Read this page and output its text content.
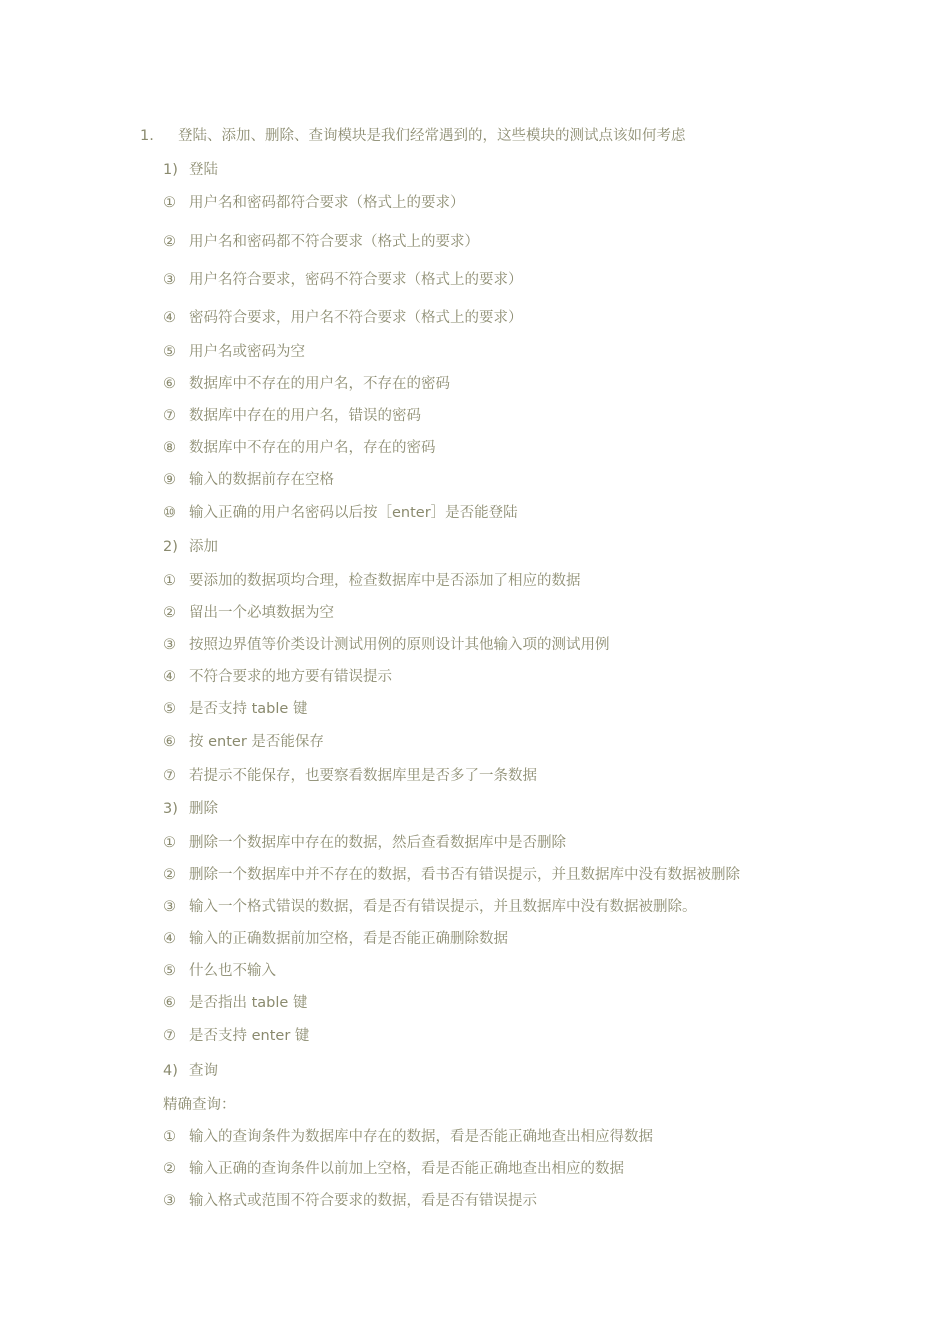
1.	登陆、添加、删除、查询模块是我们经常遇到的，这些模块的测试点该如何考虑
1) 登陆
① 用户名和密码都符合要求（格式上的要求）
② 用户名和密码都不符合要求（格式上的要求）
③ 用户名符合要求，密码不符合要求（格式上的要求）
④ 密码符合要求，用户名不符合要求（格式上的要求）
⑤ 用户名或密码为空
⑥ 数据库中不存在的用户名，不存在的密码
⑦ 数据库中存在的用户名，错误的密码
⑧ 数据库中不存在的用户名，存在的密码
⑨ 输入的数据前存在空格
⑩ 输入正确的用户名密码以后按［enter］是否能登陆
2) 添加
① 要添加的数据项均合理，检查数据库中是否添加了相应的数据
② 留出一个必填数据为空
③ 按照边界值等价类设计测试用例的原则设计其他输入项的测试用例
④ 不符合要求的地方要有错误提示
⑤ 是否支持 table 键
⑥ 按 enter 是否能保存
⑦ 若提示不能保存，也要察看数据库里是否多了一条数据
3) 删除
① 删除一个数据库中存在的数据，然后查看数据库中是否删除
② 删除一个数据库中并不存在的数据，看书否有错误提示，并且数据库中没有数据被删除
③ 输入一个格式错误的数据，看是否有错误提示，并且数据库中没有数据被删除。
④ 输入的正确数据前加空格，看是否能正确删除数据
⑤ 什么也不输入
⑥ 是否指出 table 键
⑦ 是否支持 enter 键
4) 查询
精确查询：
① 输入的查询条件为数据库中存在的数据，看是否能正确地查出相应得数据
② 输入正确的查询条件以前加上空格，看是否能正确地查出相应的数据
③ 输入格式或范围不符合要求的数据，看是否有错误提示
